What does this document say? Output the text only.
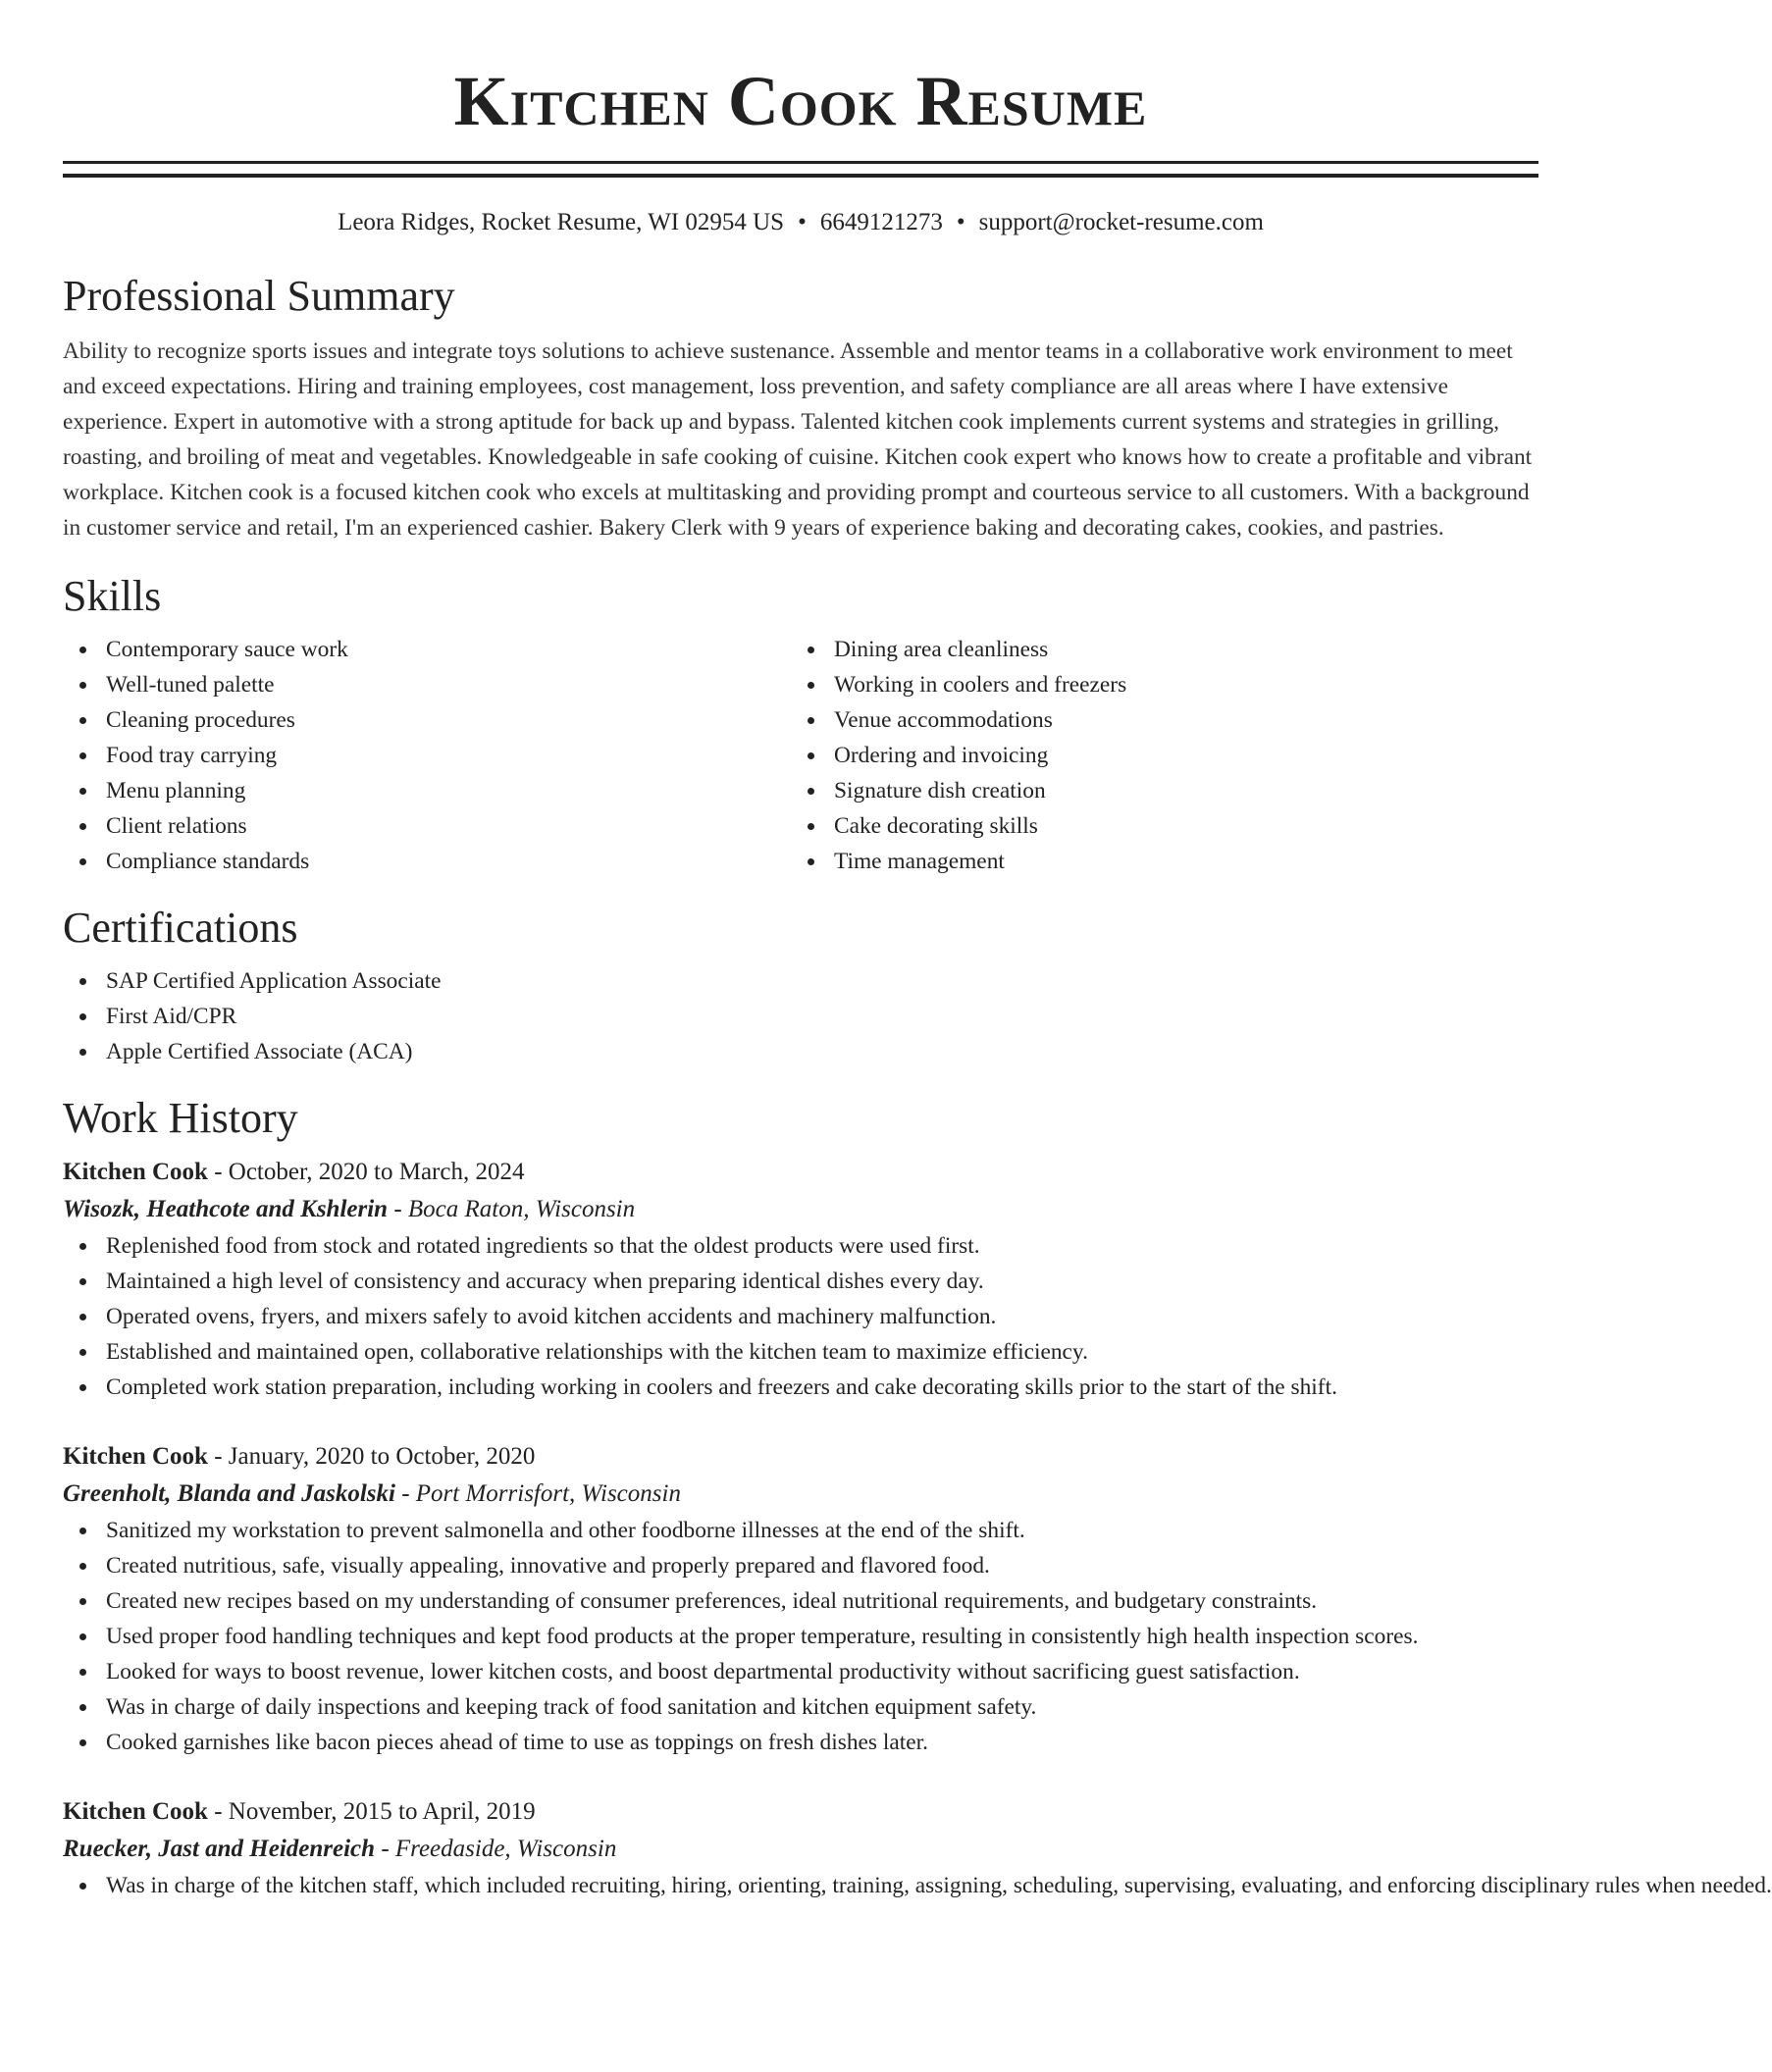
Kitchen Cook Resume
Leora Ridges, Rocket Resume, WI 02954 US • 6649121273 • support@rocket-resume.com
Professional Summary

Ability to recognize sports issues and integrate toys solutions to achieve sustenance. Assemble and mentor teams in a collaborative work environment to meet and exceed expectations. Hiring and training employees, cost management, loss prevention, and safety compliance are all areas where I have extensive experience. Expert in automotive with a strong aptitude for back up and bypass. Talented kitchen cook implements current systems and strategies in grilling, roasting, and broiling of meat and vegetables. Knowledgeable in safe cooking of cuisine. Kitchen cook expert who knows how to create a profitable and vibrant workplace. Kitchen cook is a focused kitchen cook who excels at multitasking and providing prompt and courteous service to all customers. With a background in customer service and retail, I'm an experienced cashier. Bakery Clerk with 9 years of experience baking and decorating cakes, cookies, and pastries.

Skills
Contemporary sauce work
Well-tuned palette
Cleaning procedures
Food tray carrying
Menu planning
Client relations
Compliance standards
Dining area cleanliness
Working in coolers and freezers
Venue accommodations
Ordering and invoicing
Signature dish creation
Cake decorating skills
Time management
Certifications
SAP Certified Application Associate
First Aid/CPR
Apple Certified Associate (ACA)
Work History
Kitchen Cook - October, 2020 to March, 2024
Wisozk, Heathcote and Kshlerin - Boca Raton, Wisconsin
Replenished food from stock and rotated ingredients so that the oldest products were used first.
Maintained a high level of consistency and accuracy when preparing identical dishes every day.
Operated ovens, fryers, and mixers safely to avoid kitchen accidents and machinery malfunction.
Established and maintained open, collaborative relationships with the kitchen team to maximize efficiency.
Completed work station preparation, including working in coolers and freezers and cake decorating skills prior to the start of the shift.
Kitchen Cook - January, 2020 to October, 2020
Greenholt, Blanda and Jaskolski - Port Morrisfort, Wisconsin
Sanitized my workstation to prevent salmonella and other foodborne illnesses at the end of the shift.
Created nutritious, safe, visually appealing, innovative and properly prepared and flavored food.
Created new recipes based on my understanding of consumer preferences, ideal nutritional requirements, and budgetary constraints.
Used proper food handling techniques and kept food products at the proper temperature, resulting in consistently high health inspection scores.
Looked for ways to boost revenue, lower kitchen costs, and boost departmental productivity without sacrificing guest satisfaction.
Was in charge of daily inspections and keeping track of food sanitation and kitchen equipment safety.
Cooked garnishes like bacon pieces ahead of time to use as toppings on fresh dishes later.
Kitchen Cook - November, 2015 to April, 2019
Ruecker, Jast and Heidenreich - Freedaside, Wisconsin
Was in charge of the kitchen staff, which included recruiting, hiring, orienting, training, assigning, scheduling, supervising, evaluating, and enforcing disciplinary rules when needed.
